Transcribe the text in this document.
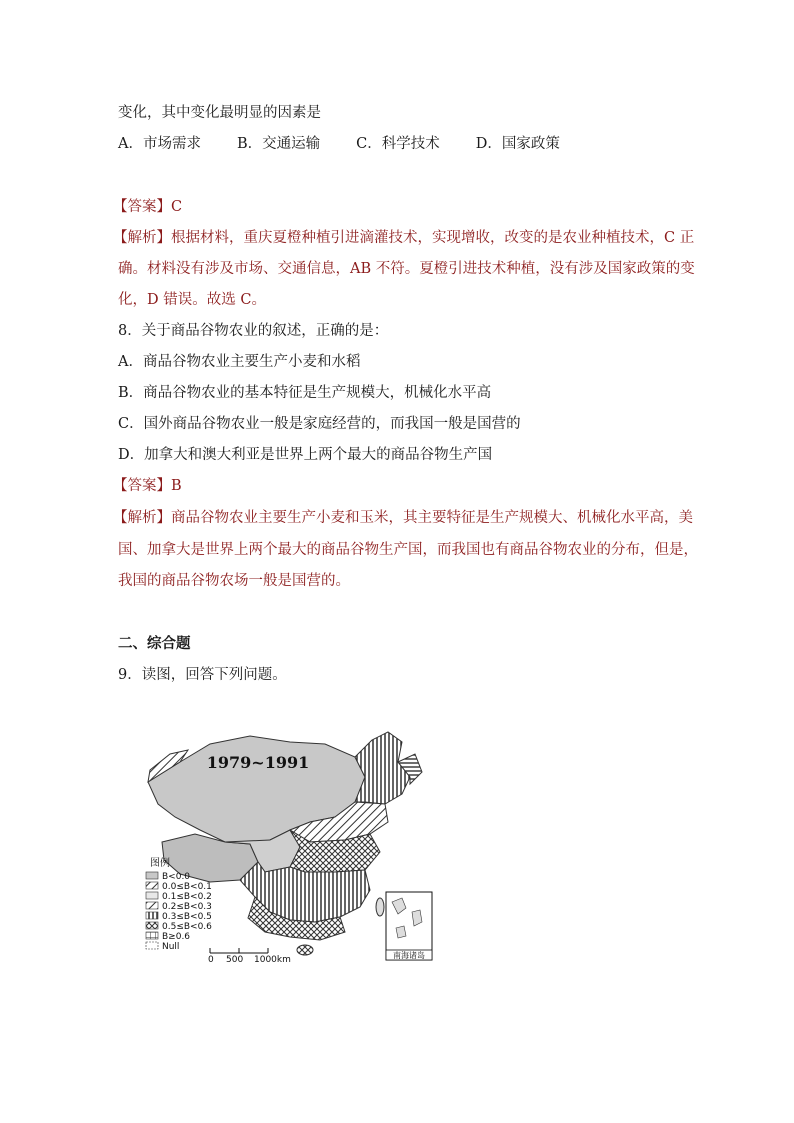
变化，其中变化最明显的因素是
A．市场需求 B．交通运输 C．科学技术 D．国家政策
【答案】C
【解析】根据材料，重庆夏橙种植引进滴灌技术，实现增收，改变的是农业种植技术，C 正
确。材料没有涉及市场、交通信息，AB 不符。夏橙引进技术种植，没有涉及国家政策的变
化，D 错误。故选 C。
8．关于商品谷物农业的叙述，正确的是：
A．商品谷物农业主要生产小麦和水稻
B．商品谷物农业的基本特征是生产规模大，机械化水平高
C．国外商品谷物农业一般是家庭经营的，而我国一般是国营的
D．加拿大和澳大利亚是世界上两个最大的商品谷物生产国
【答案】B
【解析】商品谷物农业主要生产小麦和玉米，其主要特征是生产规模大、机械化水平高，美
国、加拿大是世界上两个最大的商品谷物生产国，而我国也有商品谷物农业的分布，但是，
我国的商品谷物农场一般是国营的。
二、综合题
9．读图，回答下列问题。
1979~1991
图例
B<0.0
0.0≤B<0.1
0.1≤B<0.2
0.2≤B<0.3
0.3≤B<0.5
0.5≤B<0.6
B≥0.6
Null
0 500 1000km	南海诸岛
